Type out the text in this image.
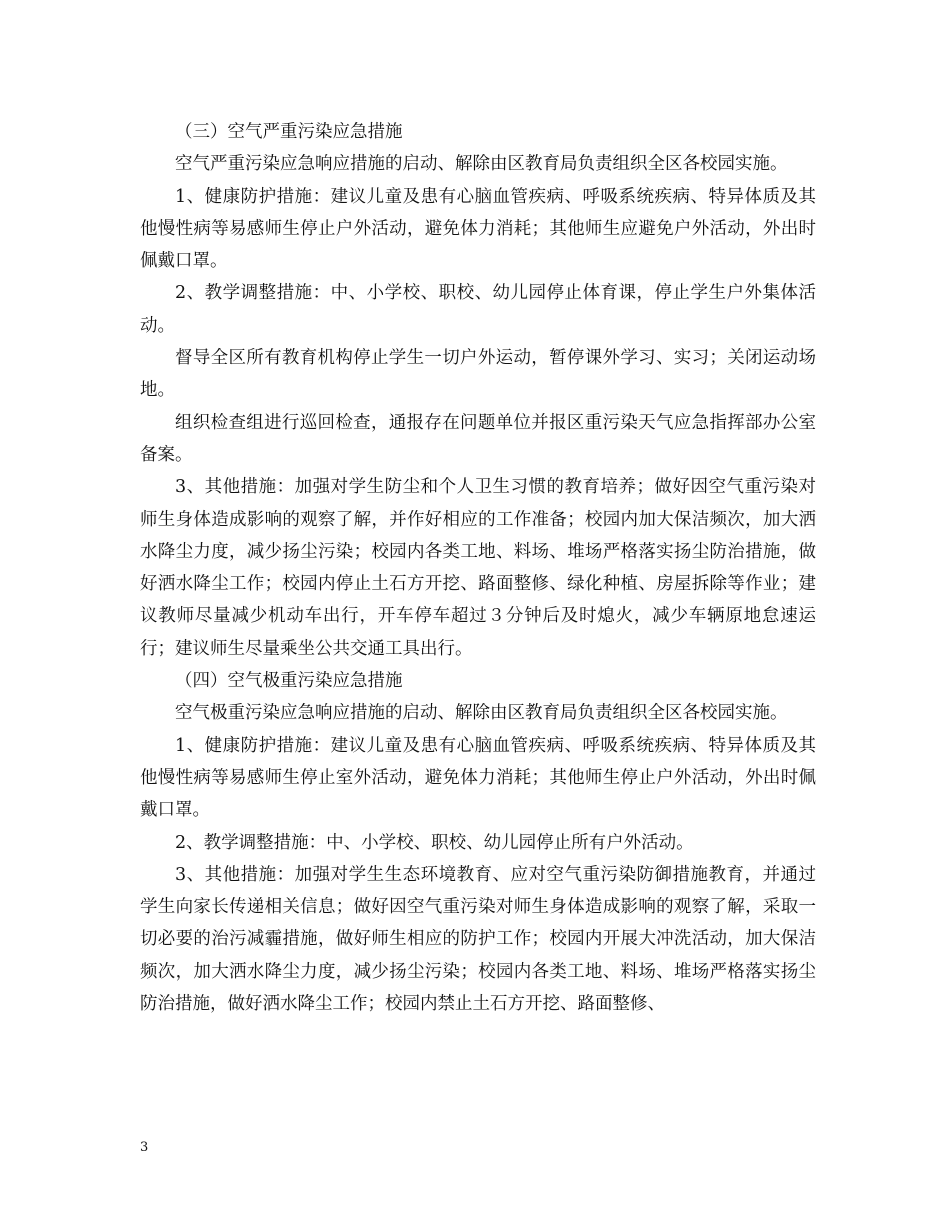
（三）空气严重污染应急措施

空气严重污染应急响应措施的启动、解除由区教育局负责组织全区各校园实施。

1、健康防护措施：建议儿童及患有心脑血管疾病、呼吸系统疾病、特异体质及其他慢性病等易感师生停止户外活动，避免体力消耗；其他师生应避免户外活动，外出时佩戴口罩。

2、教学调整措施：中、小学校、职校、幼儿园停止体育课，停止学生户外集体活动。

督导全区所有教育机构停止学生一切户外运动，暂停课外学习、实习；关闭运动场地。

组织检查组进行巡回检查，通报存在问题单位并报区重污染天气应急指挥部办公室备案。

3、其他措施：加强对学生防尘和个人卫生习惯的教育培养；做好因空气重污染对师生身体造成影响的观察了解，并作好相应的工作准备；校园内加大保洁频次，加大洒水降尘力度，减少扬尘污染；校园内各类工地、料场、堆场严格落实扬尘防治措施，做好洒水降尘工作；校园内停止土石方开挖、路面整修、绿化种植、房屋拆除等作业；建议教师尽量减少机动车出行，开车停车超过３分钟后及时熄火，减少车辆原地怠速运行；建议师生尽量乘坐公共交通工具出行。

（四）空气极重污染应急措施

空气极重污染应急响应措施的启动、解除由区教育局负责组织全区各校园实施。

1、健康防护措施：建议儿童及患有心脑血管疾病、呼吸系统疾病、特异体质及其他慢性病等易感师生停止室外活动，避免体力消耗；其他师生停止户外活动，外出时佩戴口罩。

2、教学调整措施：中、小学校、职校、幼儿园停止所有户外活动。

3、其他措施：加强对学生生态环境教育、应对空气重污染防御措施教育，并通过学生向家长传递相关信息；做好因空气重污染对师生身体造成影响的观察了解，采取一切必要的治污减霾措施，做好师生相应的防护工作；校园内开展大冲洗活动，加大保洁频次，加大洒水降尘力度，减少扬尘污染；校园内各类工地、料场、堆场严格落实扬尘防治措施，做好洒水降尘工作；校园内禁止土石方开挖、路面整修、

3
